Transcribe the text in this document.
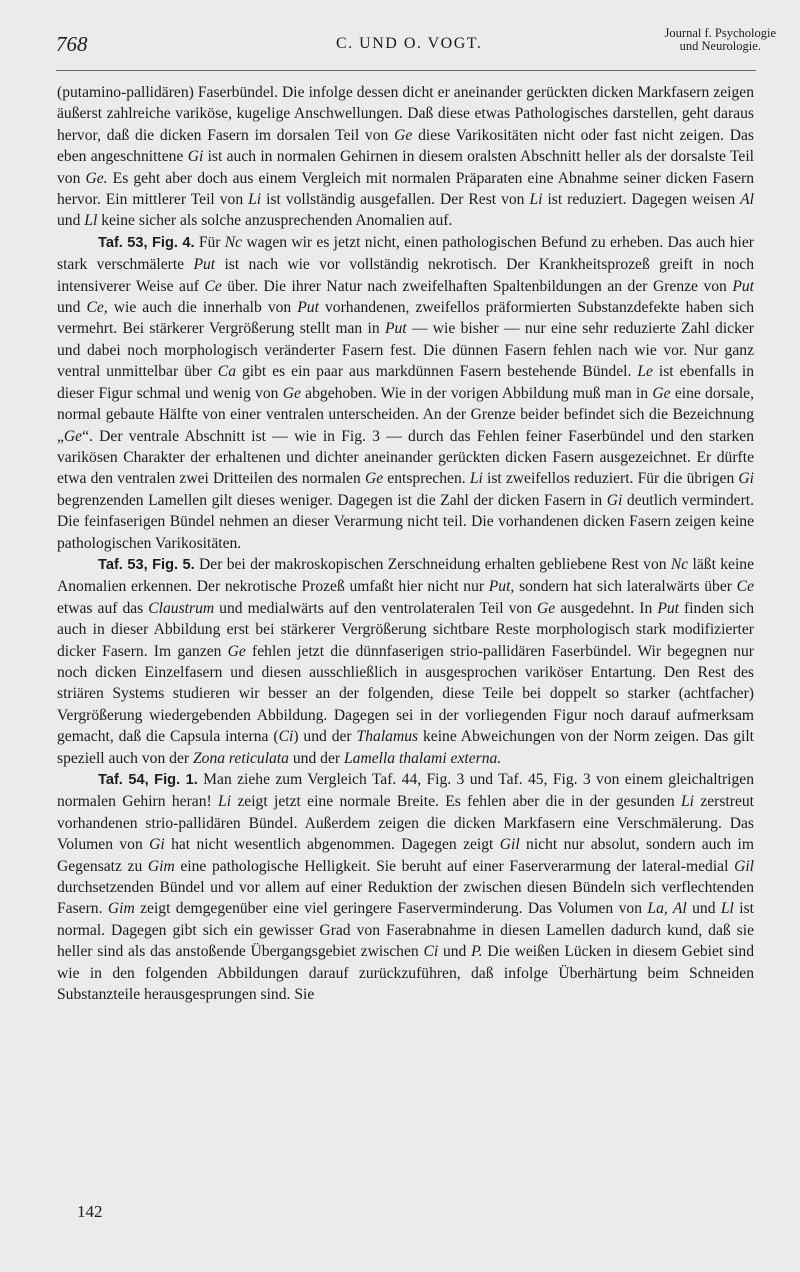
768	C. UND O. VOGT.
Journal f. Psychologie
und Neurologie.

(putamino-pallidären) Faserbündel. Die infolge dessen dicht er aneinander gerückten dicken Markfasern zeigen äußerst zahlreiche variköse, kugelige Anschwellungen. Daß diese etwas Pathologisches darstellen, geht daraus hervor, daß die dicken Fasern im dorsalen Teil von Ge diese Varikositäten nicht oder fast nicht zeigen. Das eben angeschnittene Gi ist auch in normalen Gehirnen in diesem oralsten Abschnitt heller als der dorsalste Teil von Ge. Es geht aber doch aus einem Vergleich mit normalen Präparaten eine Abnahme seiner dicken Fasern hervor. Ein mittlerer Teil von Li ist vollständig ausgefallen. Der Rest von Li ist reduziert. Dagegen weisen Al und Ll keine sicher als solche anzusprechenden Anomalien auf.

Taf. 53, Fig. 4. Für Nc wagen wir es jetzt nicht, einen pathologischen Befund zu erheben. Das auch hier stark verschmälerte Put ist nach wie vor vollständig nekrotisch. Der Krankheitsprozeß greift in noch intensiverer Weise auf Ce über. Die ihrer Natur nach zweifelhaften Spaltenbildungen an der Grenze von Put und Ce, wie auch die innerhalb von Put vorhandenen, zweifellos präformierten Substanzdefekte haben sich vermehrt. Bei stärkerer Vergrößerung stellt man in Put — wie bisher — nur eine sehr reduzierte Zahl dicker und dabei noch morphologisch veränderter Fasern fest. Die dünnen Fasern fehlen nach wie vor. Nur ganz ventral unmittelbar über Ca gibt es ein paar aus markdünnen Fasern bestehende Bündel. Le ist ebenfalls in dieser Figur schmal und wenig von Ge abgehoben. Wie in der vorigen Abbildung muß man in Ge eine dorsale, normal gebaute Hälfte von einer ventralen unterscheiden. An der Grenze beider befindet sich die Bezeichnung „Ge“. Der ventrale Abschnitt ist — wie in Fig. 3 — durch das Fehlen feiner Faserbündel und den starken varikösen Charakter der erhaltenen und dichter aneinander gerückten dicken Fasern ausgezeichnet. Er dürfte etwa den ventralen zwei Dritteilen des normalen Ge entsprechen. Li ist zweifellos reduziert. Für die übrigen Gi begrenzenden Lamellen gilt dieses weniger. Dagegen ist die Zahl der dicken Fasern in Gi deutlich vermindert. Die feinfaserigen Bündel nehmen an dieser Verarmung nicht teil. Die vorhandenen dicken Fasern zeigen keine pathologischen Varikositäten.

Taf. 53, Fig. 5. Der bei der makroskopischen Zerschneidung erhalten gebliebene Rest von Nc läßt keine Anomalien erkennen. Der nekrotische Prozeß umfaßt hier nicht nur Put, sondern hat sich lateralwärts über Ce etwas auf das Claustrum und medialwärts auf den ventrolateralen Teil von Ge ausgedehnt. In Put finden sich auch in dieser Abbildung erst bei stärkerer Vergrößerung sichtbare Reste morphologisch stark modifizierter dicker Fasern. Im ganzen Ge fehlen jetzt die dünnfaserigen strio-pallidären Faserbündel. Wir begegnen nur noch dicken Einzelfasern und diesen ausschließlich in ausgesprochen variköser Entartung. Den Rest des striären Systems studieren wir besser an der folgenden, diese Teile bei doppelt so starker (achtfacher) Vergrößerung wiedergebenden Abbildung. Dagegen sei in der vorliegenden Figur noch darauf aufmerksam gemacht, daß die Capsula interna (Ci) und der Thalamus keine Abweichungen von der Norm zeigen. Das gilt speziell auch von der Zona reticulata und der Lamella thalami externa.

Taf. 54, Fig. 1. Man ziehe zum Vergleich Taf. 44, Fig. 3 und Taf. 45, Fig. 3 von einem gleichaltrigen normalen Gehirn heran! Li zeigt jetzt eine normale Breite. Es fehlen aber die in der gesunden Li zerstreut vorhandenen strio-pallidären Bündel. Außerdem zeigen die dicken Markfasern eine Verschmälerung. Das Volumen von Gi hat nicht wesentlich abgenommen. Dagegen zeigt Gil nicht nur absolut, sondern auch im Gegensatz zu Gim eine pathologische Helligkeit. Sie beruht auf einer Faserverarmung der lateral-medial Gil durchsetzenden Bündel und vor allem auf einer Reduktion der zwischen diesen Bündeln sich verflechtenden Fasern. Gim zeigt demgegenüber eine viel geringere Faserverminderung. Das Volumen von La, Al und Ll ist normal. Dagegen gibt sich ein gewisser Grad von Faserabnahme in diesen Lamellen dadurch kund, daß sie heller sind als das anstoßende Übergangsgebiet zwischen Ci und P. Die weißen Lücken in diesem Gebiet sind wie in den folgenden Abbildungen darauf zurückzuführen, daß infolge Überhärtung beim Schneiden Substanzteile herausgesprungen sind. Sie

142
